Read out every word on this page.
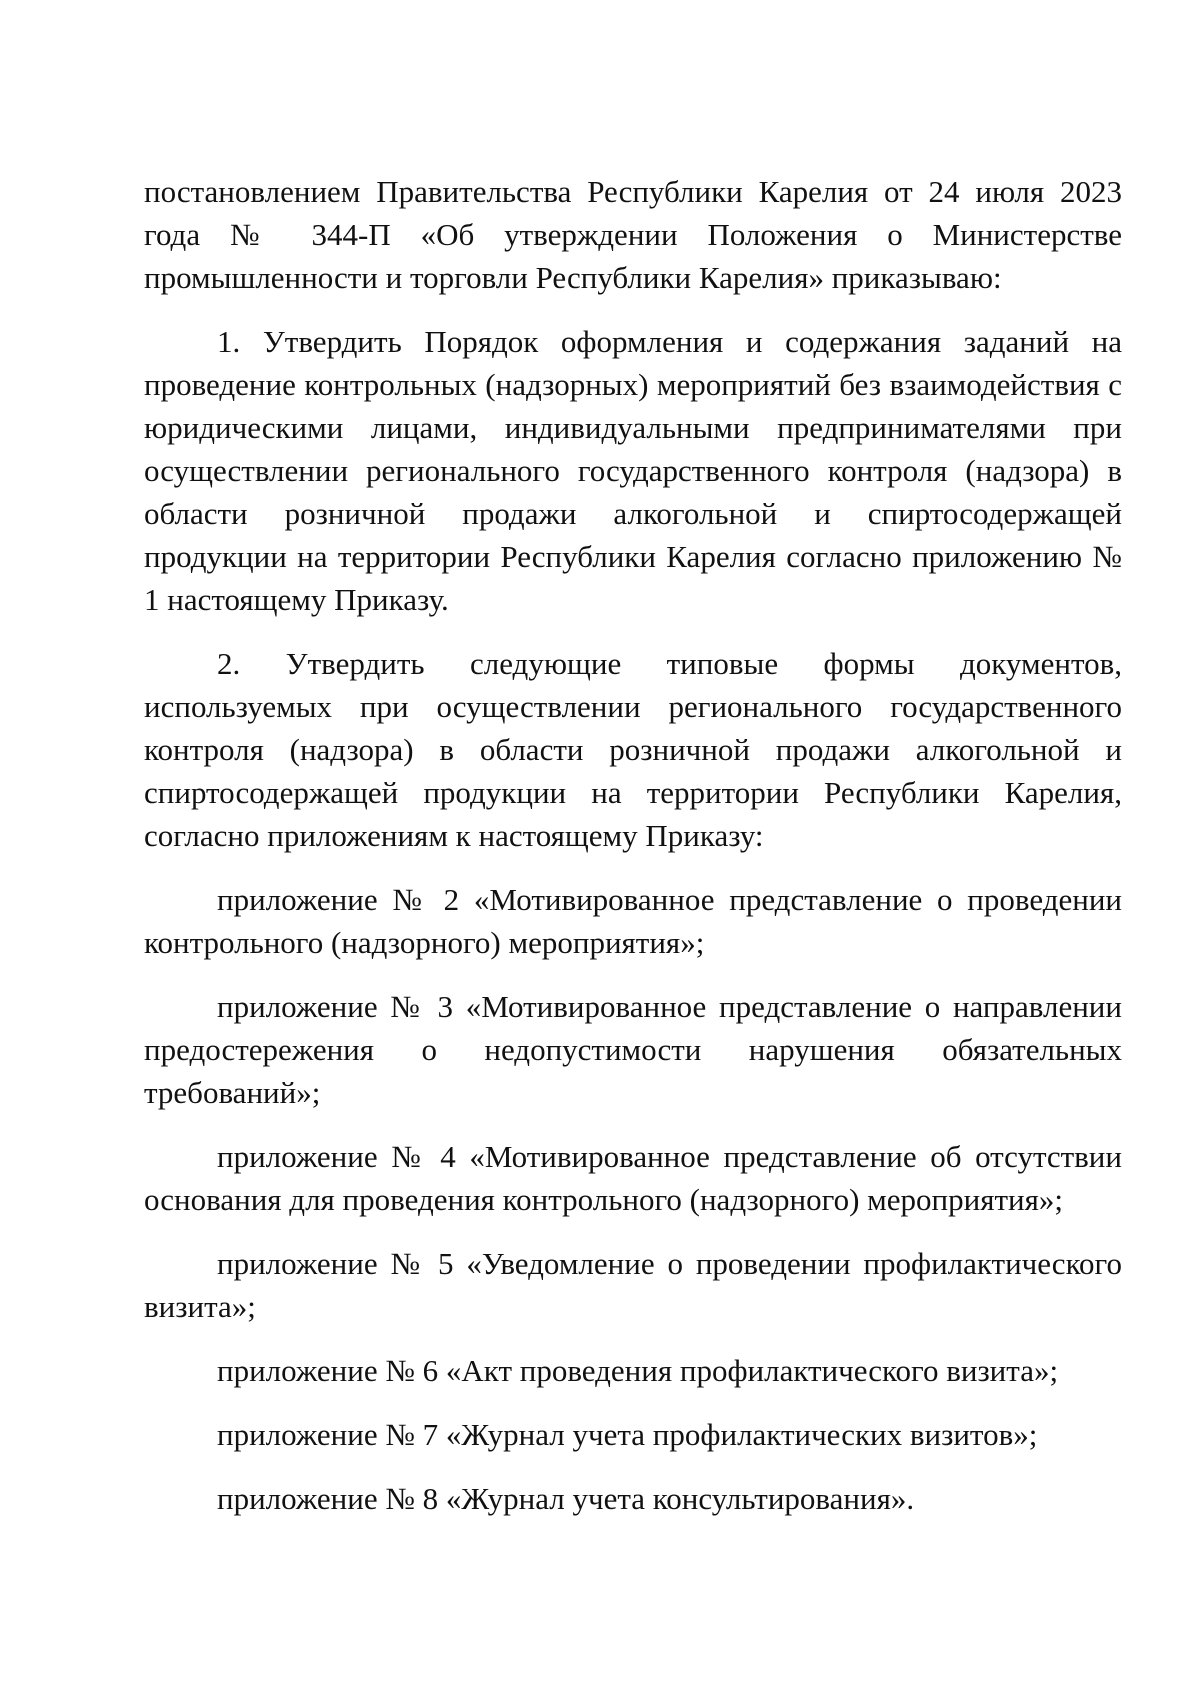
постановлением Правительства Республики Карелия от 24 июля 2023 года № 344-П «Об утверждении Положения о Министерстве промышленности и торговли Республики Карелия» приказываю:

1. Утвердить Порядок оформления и содержания заданий на проведение контрольных (надзорных) мероприятий без взаимодействия с юридическими лицами, индивидуальными предпринимателями при осуществлении регионального государственного контроля (надзора) в области розничной продажи алкогольной и спиртосодержащей продукции на территории Республики Карелия согласно приложению № 1 настоящему Приказу.

2. Утвердить следующие типовые формы документов, используемых при осуществлении регионального государственного контроля (надзора) в области розничной продажи алкогольной и спиртосодержащей продукции на территории Республики Карелия, согласно приложениям к настоящему Приказу:

приложение № 2 «Мотивированное представление о проведении контрольного (надзорного) мероприятия»;

приложение № 3 «Мотивированное представление о направлении предостережения о недопустимости нарушения обязательных требований»;

приложение № 4 «Мотивированное представление об отсутствии основания для проведения контрольного (надзорного) мероприятия»;

приложение № 5 «Уведомление о проведении профилактического визита»;

приложение № 6 «Акт проведения профилактического визита»;

приложение № 7 «Журнал учета профилактических визитов»;

приложение № 8 «Журнал учета консультирования».
